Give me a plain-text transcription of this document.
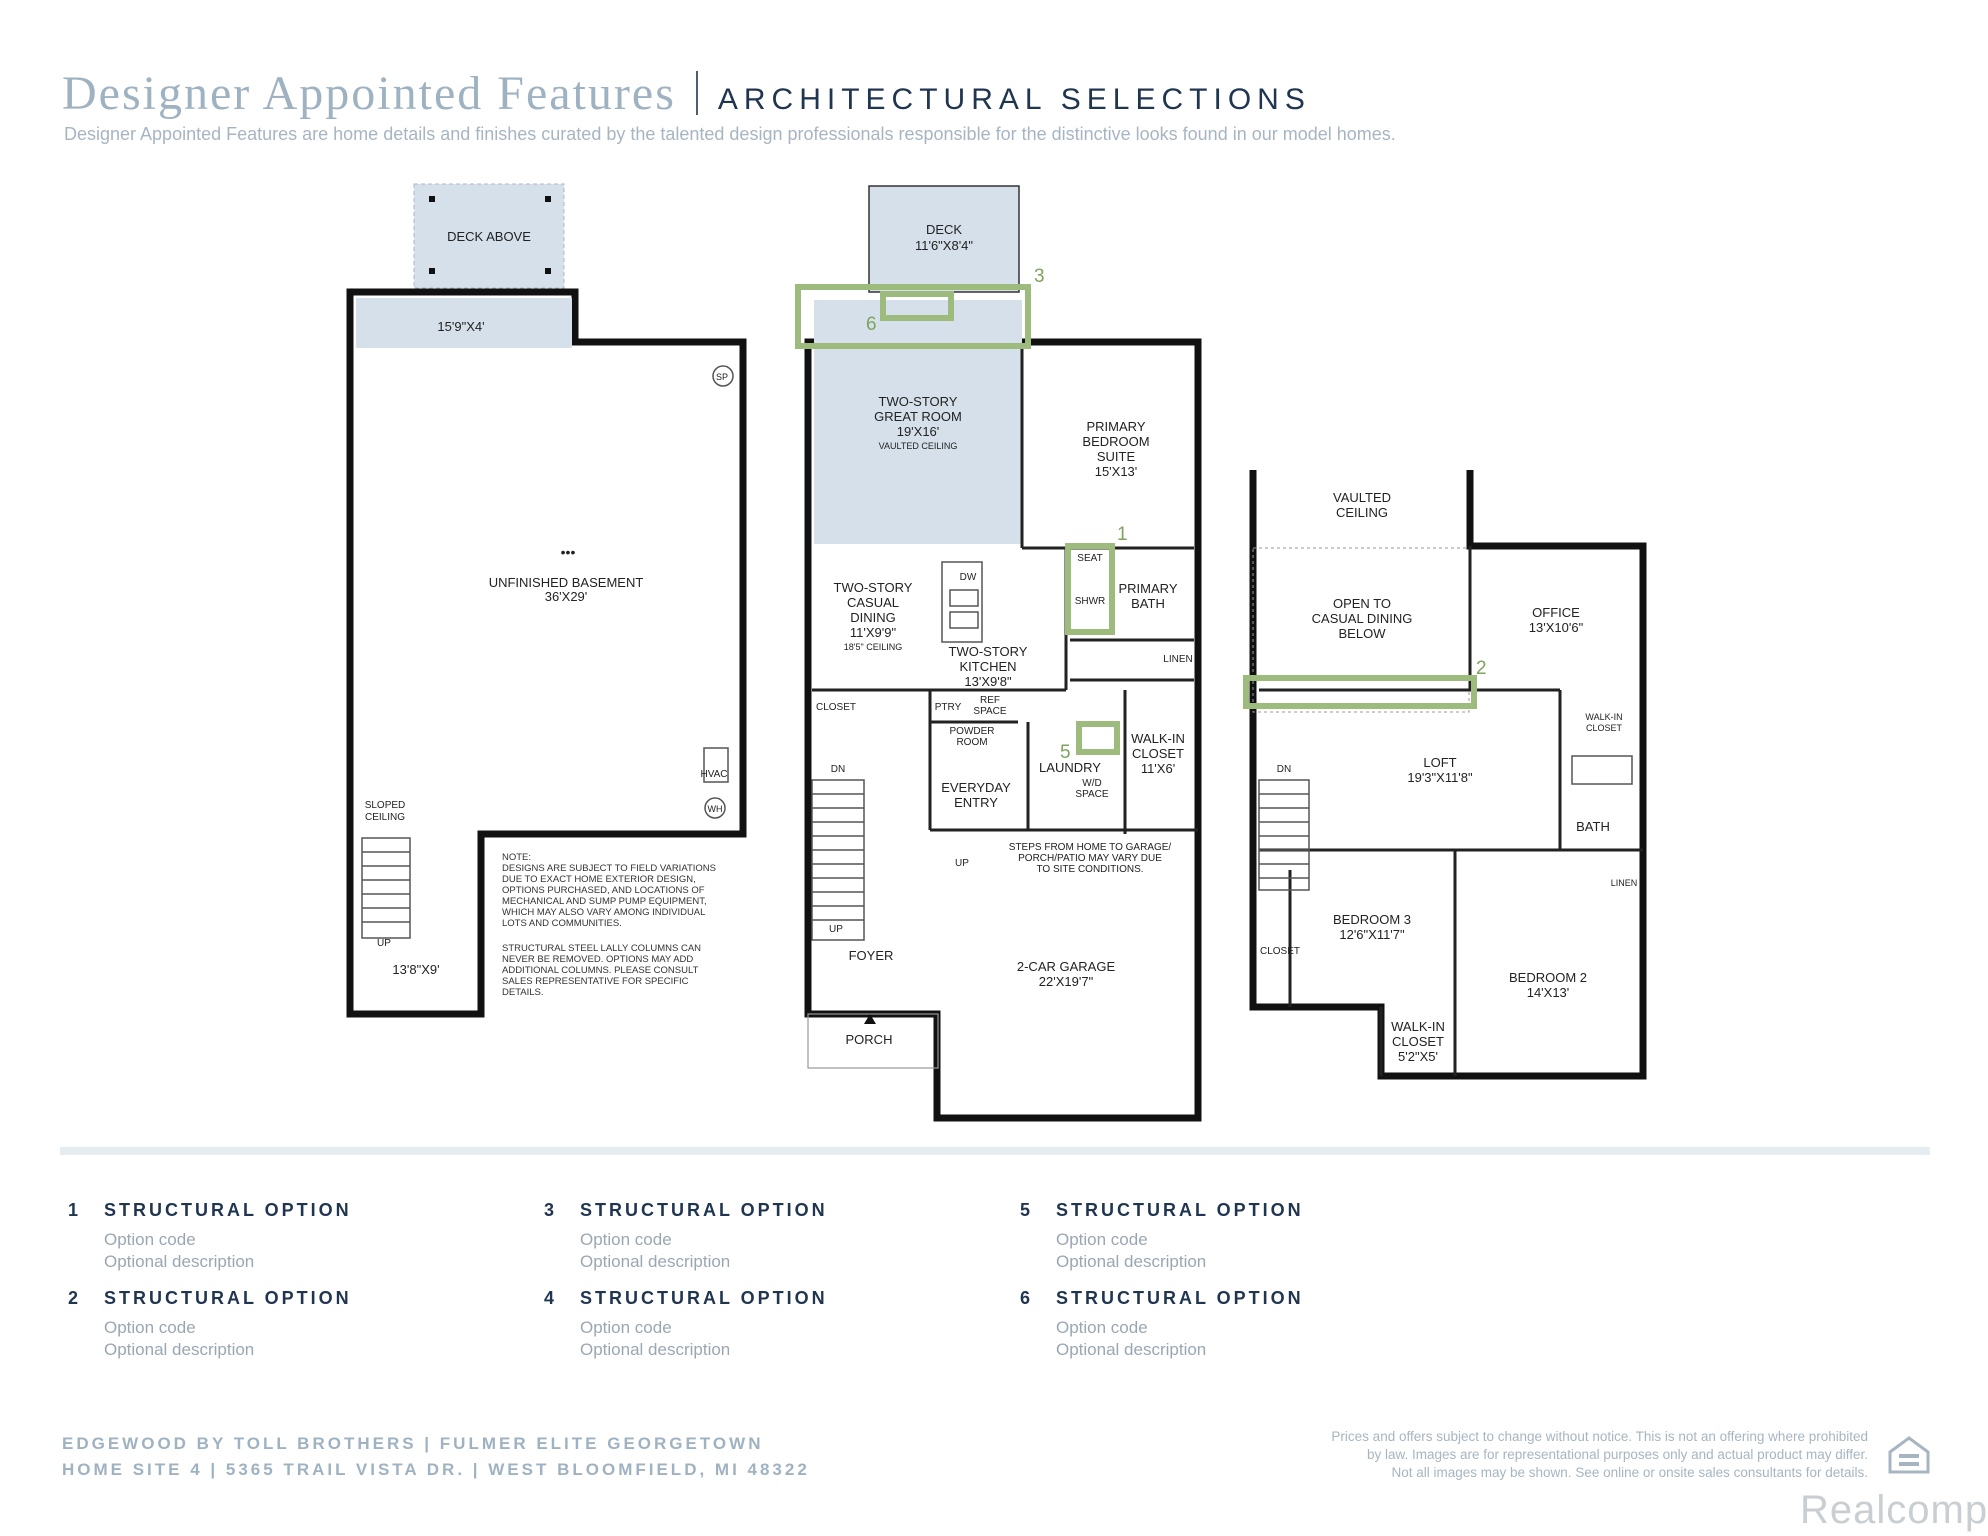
Designer Appointed Features ARCHITECTURAL SELECTIONS
Designer Appointed Features are home details and finishes curated by the talented design professionals responsible for the distinctive looks found in our model homes.
3
6
1
5
2
DECK ABOVE
15'9"X4'
SP
•••
UNFINISHED BASEMENT
36'X29'
HVAC
WH
SLOPED
CEILING
UP
13'8"X9'
NOTE:
DESIGNS ARE SUBJECT TO FIELD VARIATIONS
DUE TO EXACT HOME EXTERIOR DESIGN,
OPTIONS PURCHASED, AND LOCATIONS OF
MECHANICAL AND SUMP PUMP EQUIPMENT,
WHICH MAY ALSO VARY AMONG INDIVIDUAL
LOTS AND COMMUNITIES.
STRUCTURAL STEEL LALLY COLUMNS CAN
NEVER BE REMOVED. OPTIONS MAY ADD
ADDITIONAL COLUMNS. PLEASE CONSULT
SALES REPRESENTATIVE FOR SPECIFIC
DETAILS.
DECK
11'6"X8'4"
TWO-STORY
GREAT ROOM
19'X16'
VAULTED CEILING
PRIMARY
BEDROOM
SUITE
15'X13'
TWO-STORY
CASUAL
DINING
11'X9'9"
18'5" CEILING
DW
TWO-STORY
KITCHEN
13'X9'8"
SEAT
SHWR
PRIMARY
BATH
LINEN
CLOSET	PTRY
REF
SPACE
POWDER
ROOM
LAUNDRY
W/D
SPACE
WALK-IN
CLOSET
11'X6'
DN
EVERYDAY
ENTRY
UP
UP
STEPS FROM HOME TO GARAGE/
PORCH/PATIO MAY VARY DUE
TO SITE CONDITIONS.
FOYER
PORCH
2-CAR GARAGE
22'X19'7"
VAULTED
CEILING
OPEN TO
CASUAL DINING
BELOW
OFFICE
13'X10'6"
WALK-IN
CLOSET
LOFT
19'3"X11'8"
DN
BATH
LINEN
BEDROOM 3
12'6"X11'7"
CLOSET
BEDROOM 2
14'X13'
WALK-IN
CLOSET
5'2"X5'
1 STRUCTURAL OPTION
Option code
Optional description
2 STRUCTURAL OPTION
Option code
Optional description
3 STRUCTURAL OPTION
Option code
Optional description
4 STRUCTURAL OPTION
Option code
Optional description
5 STRUCTURAL OPTION
Option code
Optional description
6 STRUCTURAL OPTION
Option code
Optional description
EDGEWOOD BY TOLL BROTHERS | FULMER ELITE GEORGETOWN
HOME SITE 4 | 5365 TRAIL VISTA DR. | WEST BLOOMFIELD, MI 48322
Prices and offers subject to change without notice. This is not an offering where prohibited
by law. Images are for representational purposes only and actual product may differ.
Not all images may be shown. See online or onsite sales consultants for details.
Realcomp
